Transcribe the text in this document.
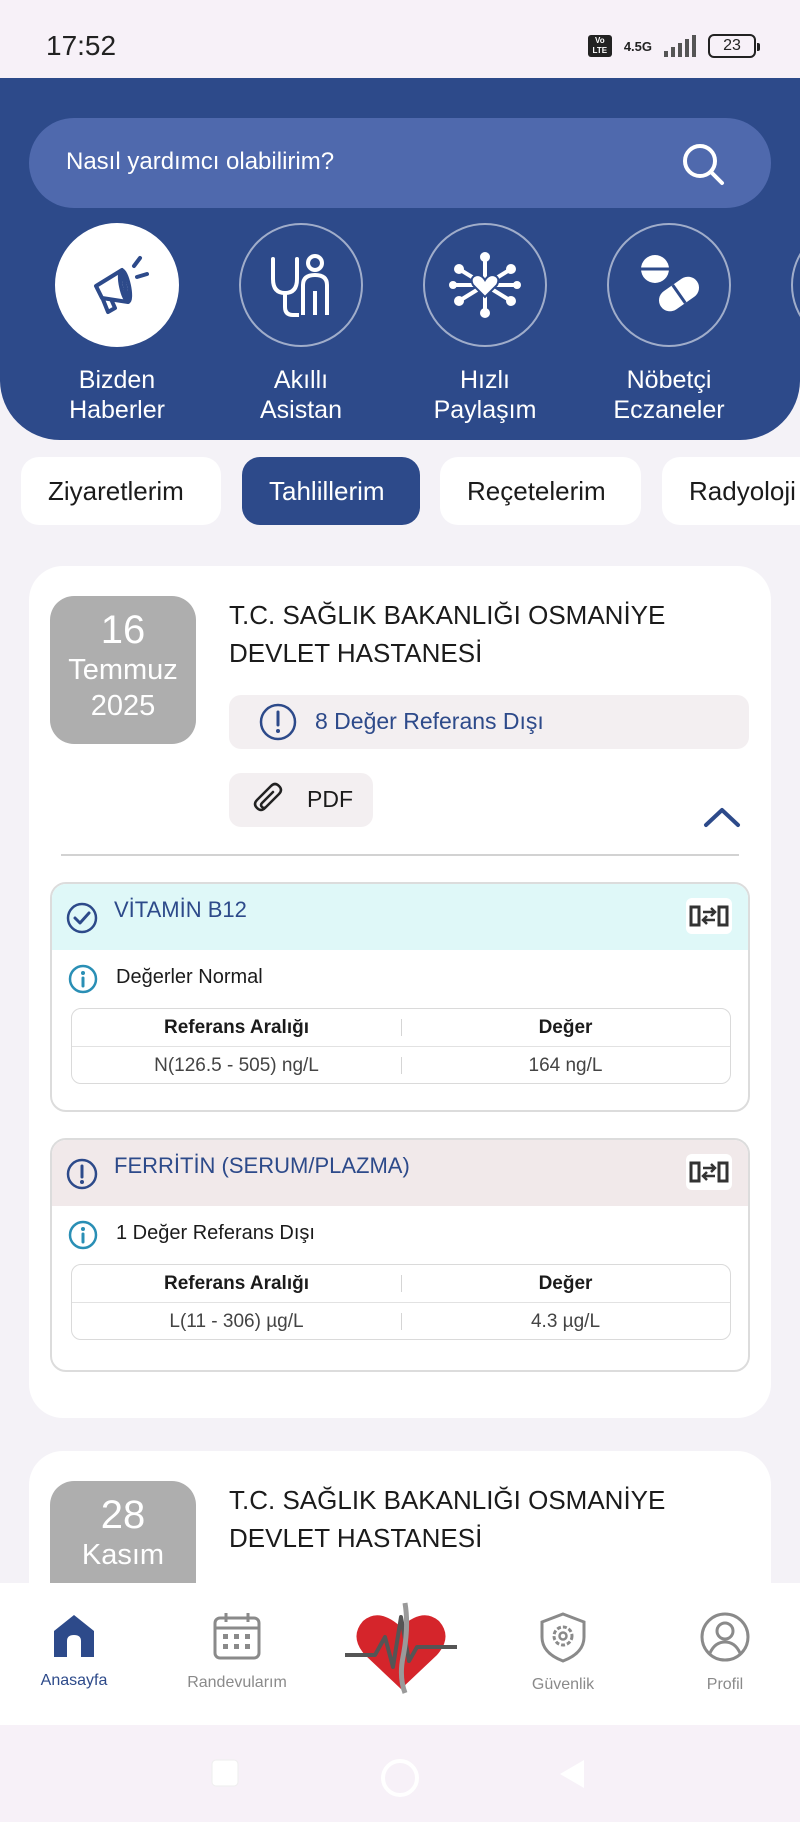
17:52	Vo
LTE	4.5G	23
Nasıl yardımcı olabilirim?
Bizden
Haberler
Akıllı
Asistan
Hızlı
Paylaşım
Nöbetçi
Eczaneler
Ziyaretlerim	Tahlillerim	Reçetelerim	Radyoloji
16
Temmuz
2025
T.C. SAĞLIK BAKANLIĞI OSMANİYE DEVLET HASTANESİ
8 Değer Referans Dışı
PDF
VİTAMİN B12
Değerler Normal
Referans Aralığı	Değer
N(126.5 - 505) ng/L	164 ng/L
FERRİTİN (SERUM/PLAZMA)
1 Değer Referans Dışı
Referans Aralığı	Değer
L(11 - 306) µg/L	4.3 µg/L
28
Kasım
T.C. SAĞLIK BAKANLIĞI OSMANİYE DEVLET HASTANESİ
Anasayfa	Randevularım	Güvenlik	Profil
